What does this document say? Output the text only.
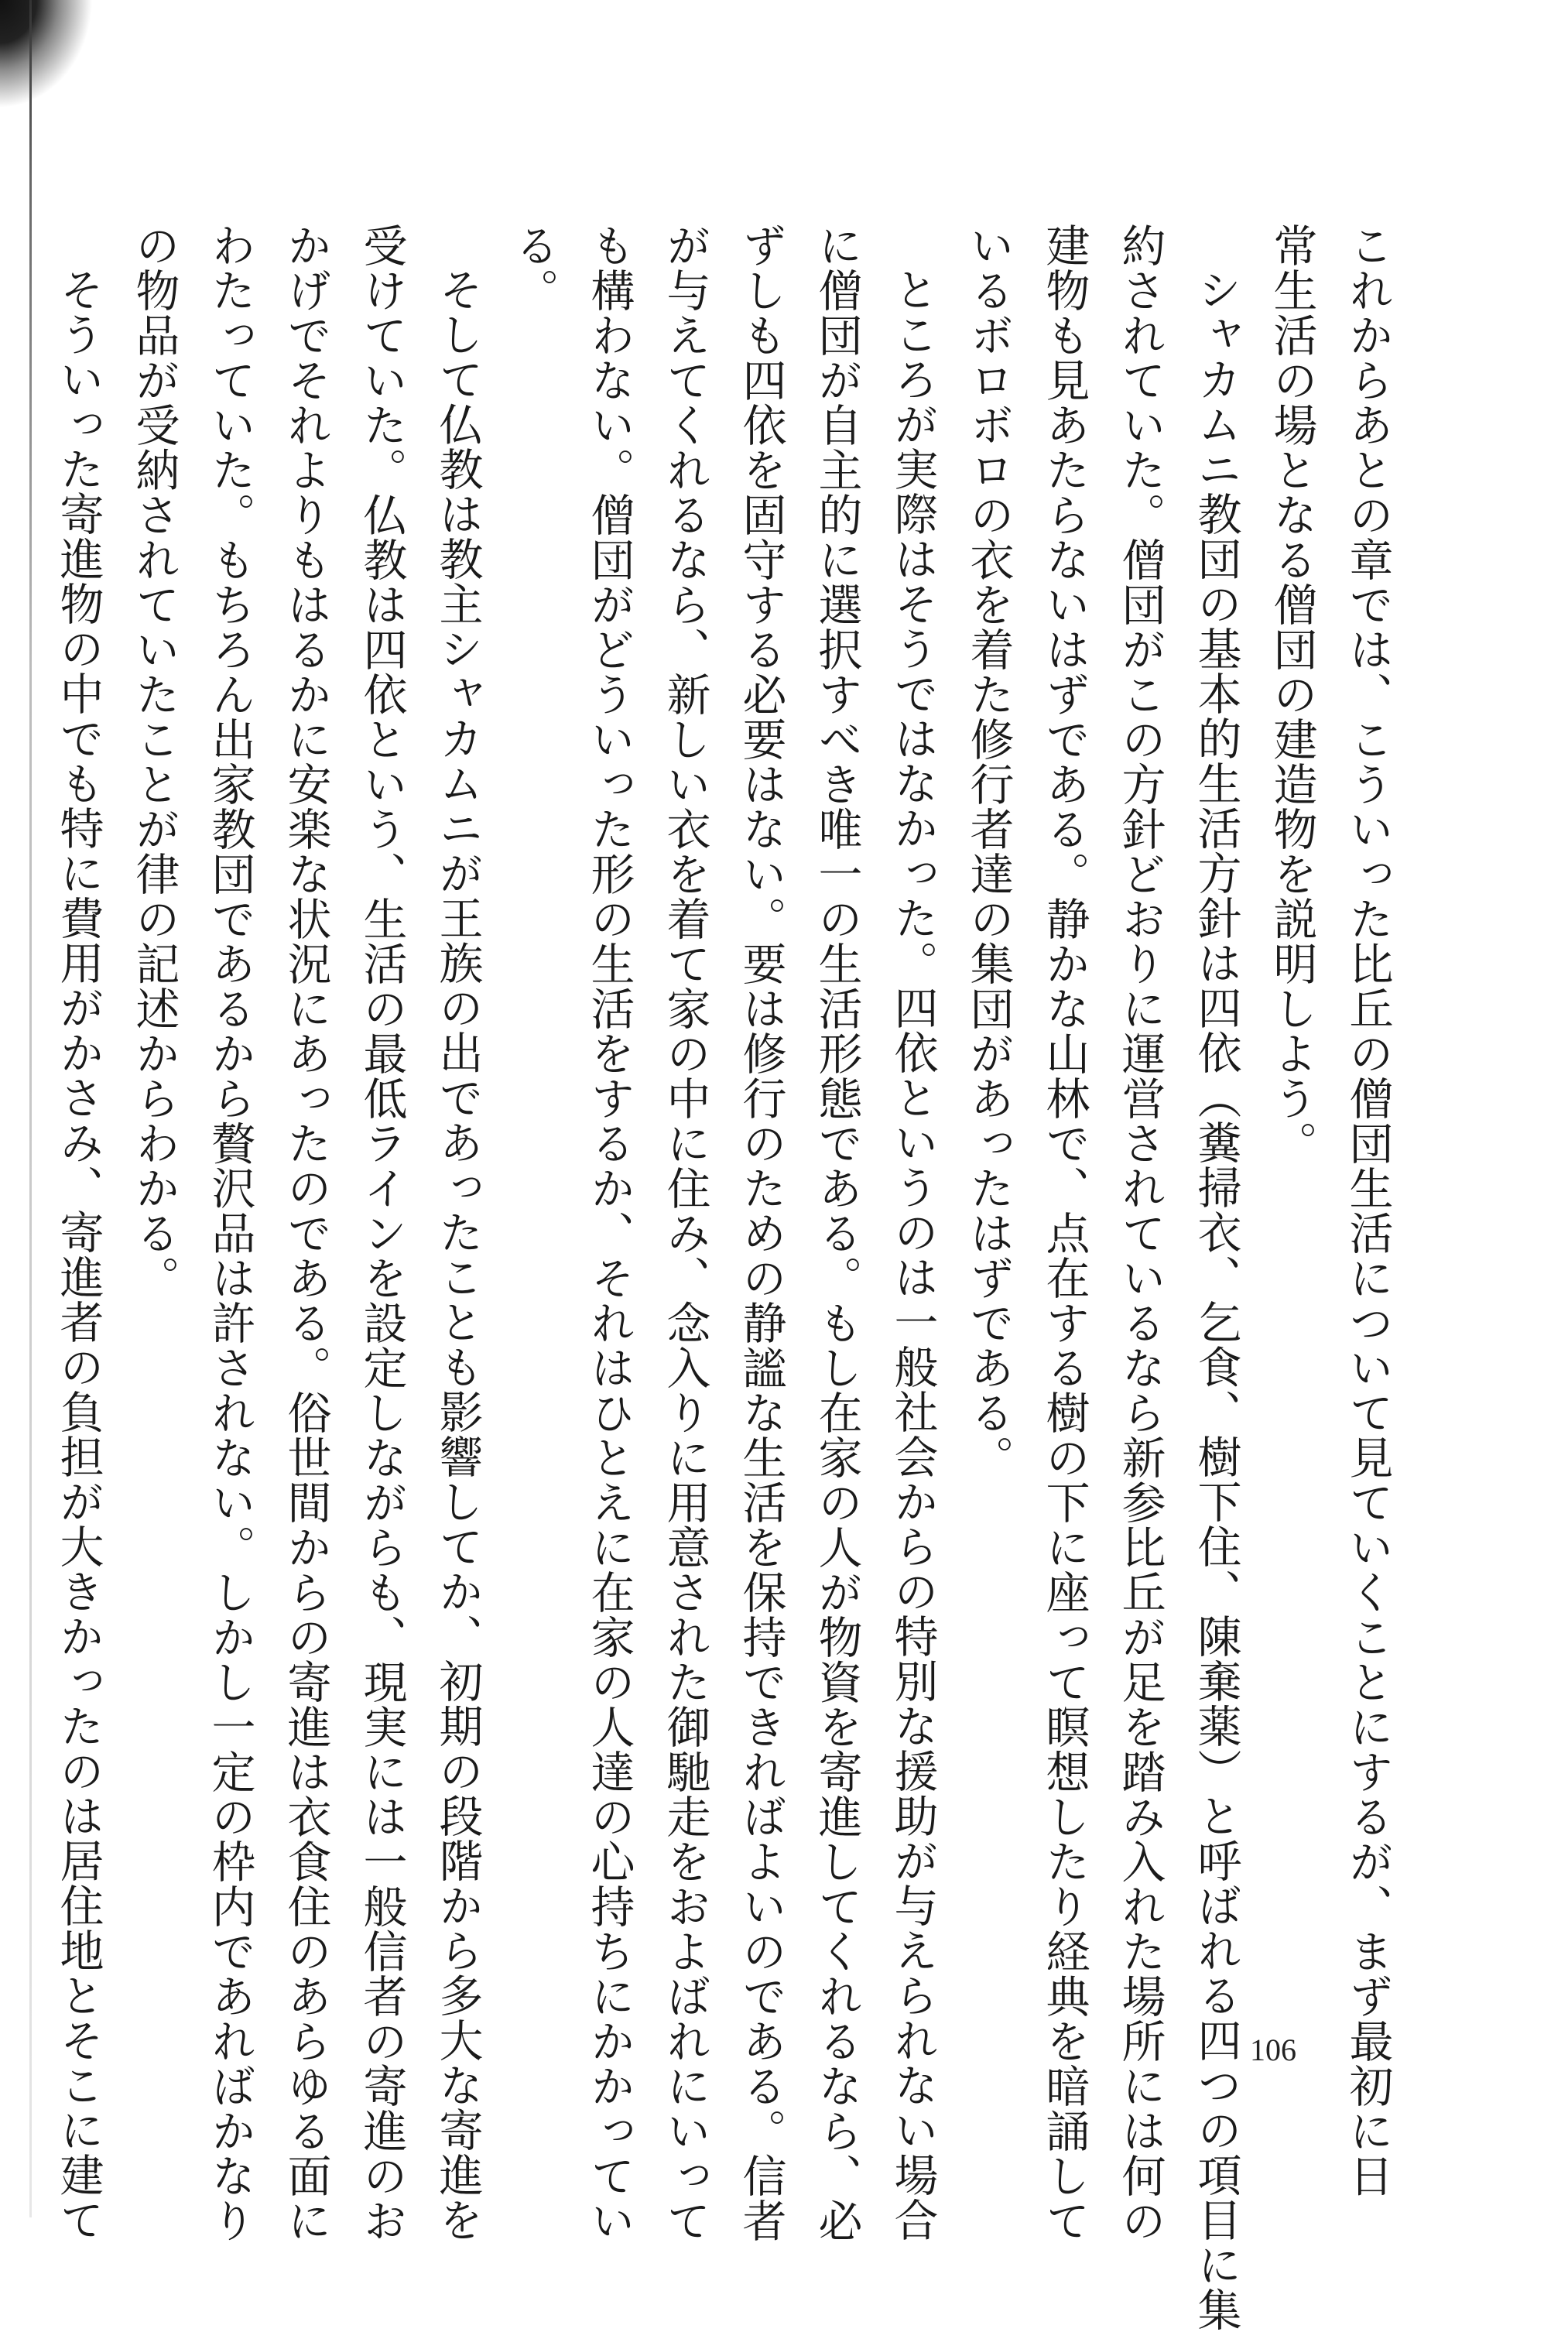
これからあとの章では、こういった比丘の僧団生活について見ていくことにするが、まず最初に日

常生活の場となる僧団の建造物を説明しよう。

シャカムニ教団の基本的生活方針は四依（糞掃衣、乞食、樹下住、陳棄薬）と呼ばれる四つの項目に集

約されていた。僧団がこの方針どおりに運営されているなら新参比丘が足を踏み入れた場所には何の

建物も見あたらないはずである。静かな山林で、点在する樹の下に座って瞑想したり経典を暗誦して

いるボロボロの衣を着た修行者達の集団があったはずである。

ところが実際はそうではなかった。四依というのは一般社会からの特別な援助が与えられない場合

に僧団が自主的に選択すべき唯一の生活形態である。もし在家の人が物資を寄進してくれるなら、必

ずしも四依を固守する必要はない。要は修行のための静謐な生活を保持できればよいのである。信者

が与えてくれるなら、新しい衣を着て家の中に住み、念入りに用意された御馳走をおよばれにいって

も構わない。僧団がどういった形の生活をするか、それはひとえに在家の人達の心持ちにかかってい

る。

そして仏教は教主シャカムニが王族の出であったことも影響してか、初期の段階から多大な寄進を

受けていた。仏教は四依という、生活の最低ラインを設定しながらも、現実には一般信者の寄進のお

かげでそれよりもはるかに安楽な状況にあったのである。俗世間からの寄進は衣食住のあらゆる面に

わたっていた。もちろん出家教団であるから贅沢品は許されない。しかし一定の枠内であればかなり

の物品が受納されていたことが律の記述からわかる。

そういった寄進物の中でも特に費用がかさみ、寄進者の負担が大きかったのは居住地とそこに建て	106
